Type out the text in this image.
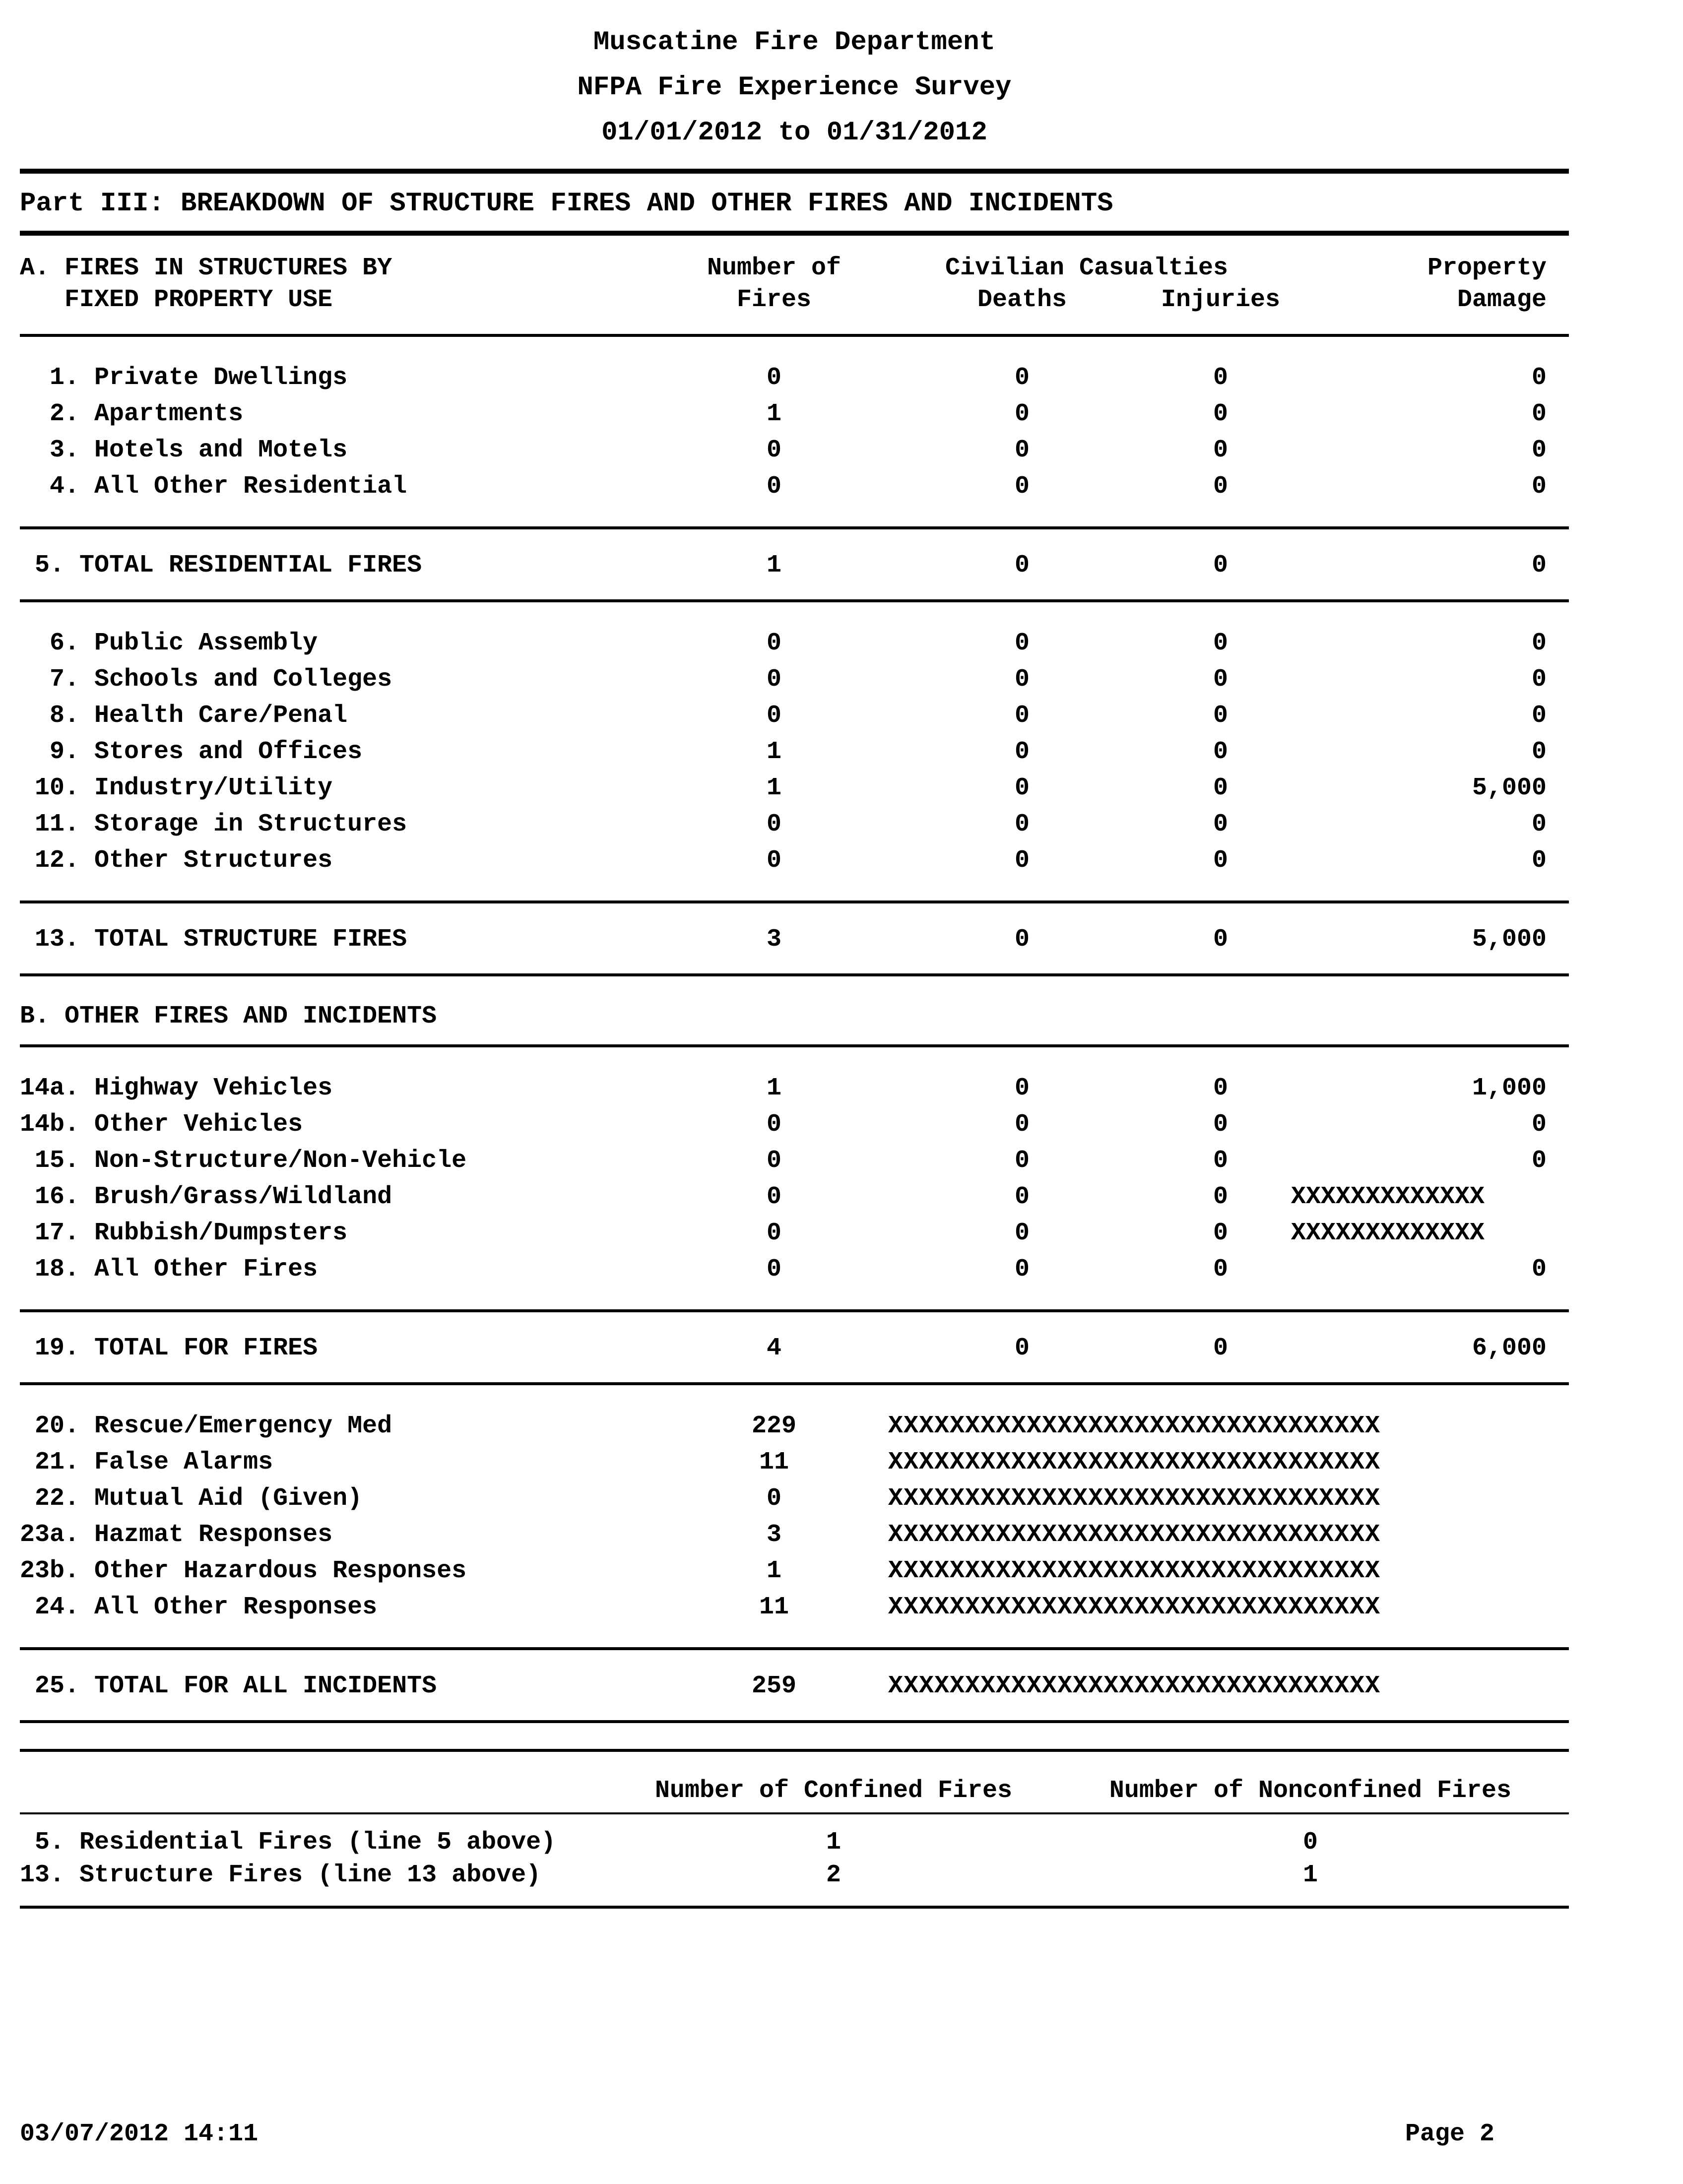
Muscatine Fire Department
NFPA Fire Experience Survey
01/01/2012 to 01/31/2012
Part III: BREAKDOWN OF STRUCTURE FIRES AND OTHER FIRES AND INCIDENTS
A. FIRES IN STRUCTURES BY	Number of	Civilian Casualties	Property
FIXED PROPERTY USE	Fires	Deaths	Injuries	Damage
1. Private Dwellings	0	0	0	0
2. Apartments	1	0	0	0
3. Hotels and Motels	0	0	0	0
4. All Other Residential	0	0	0	0
5. TOTAL RESIDENTIAL FIRES	1	0	0	0
6. Public Assembly	0	0	0	0
7. Schools and Colleges	0	0	0	0
8. Health Care/Penal	0	0	0	0
9. Stores and Offices	1	0	0	0
10. Industry/Utility	1	0	0	5,000
11. Storage in Structures	0	0	0	0
12. Other Structures	0	0	0	0
13. TOTAL STRUCTURE FIRES	3	0	0	5,000
B. OTHER FIRES AND INCIDENTS
14a. Highway Vehicles	1	0	0	1,000
14b. Other Vehicles	0	0	0	0
15. Non-Structure/Non-Vehicle	0	0	0	0
16. Brush/Grass/Wildland	0	0	0	XXXXXXXXXXXXX
17. Rubbish/Dumpsters	0	0	0	XXXXXXXXXXXXX
18. All Other Fires	0	0	0	0
19. TOTAL FOR FIRES	4	0	0	6,000
20. Rescue/Emergency Med	229	XXXXXXXXXXXXXXXXXXXXXXXXXXXXXXXX
21. False Alarms	11	XXXXXXXXXXXXXXXXXXXXXXXXXXXXXXXX
22. Mutual Aid (Given)	0	XXXXXXXXXXXXXXXXXXXXXXXXXXXXXXXX
23a. Hazmat Responses	3	XXXXXXXXXXXXXXXXXXXXXXXXXXXXXXXX
23b. Other Hazardous Responses	1	XXXXXXXXXXXXXXXXXXXXXXXXXXXXXXXX
24. All Other Responses	11	XXXXXXXXXXXXXXXXXXXXXXXXXXXXXXXX
25. TOTAL FOR ALL INCIDENTS	259	XXXXXXXXXXXXXXXXXXXXXXXXXXXXXXXX
Number of Confined Fires	Number of Nonconfined Fires
5. Residential Fires (line 5 above)	1	0
13. Structure Fires (line 13 above)	2	1
03/07/2012 14:11	Page 2
